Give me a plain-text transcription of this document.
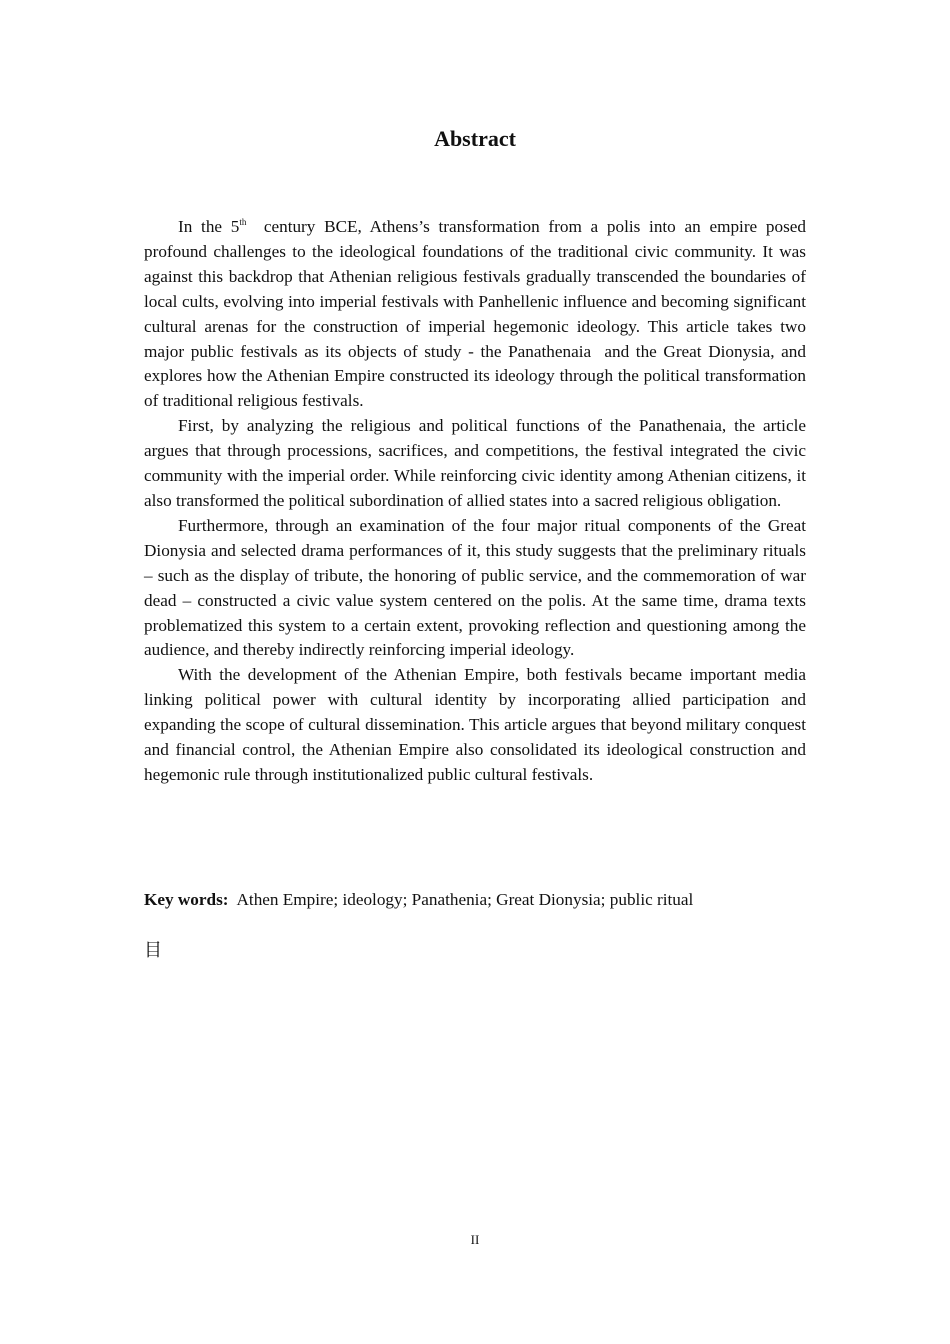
Abstract

In the 5th  century BCE, Athens’s transformation from a polis into an empire posed profound challenges to the ideological foundations of the traditional civic community. It was against this backdrop that Athenian religious festivals gradually transcended the boundaries of local cults, evolving into imperial festivals with Panhellenic influence and becoming significant cultural arenas for the construction of imperial hegemonic ideology. This article takes two major public festivals as its objects of study - the Panathenaia  and the Great Dionysia, and explores how the Athenian Empire constructed its ideology through the political transformation of traditional religious festivals.

First, by analyzing the religious and political functions of the Panathenaia, the article argues that through processions, sacrifices, and competitions, the festival integrated the civic community with the imperial order. While reinforcing civic identity among Athenian citizens, it also transformed the political subordination of allied states into a sacred religious obligation.

Furthermore, through an examination of the four major ritual components of the Great Dionysia and selected drama performances of it, this study suggests that the preliminary rituals – such as the display of tribute, the honoring of public service, and the commemoration of war dead – constructed a civic value system centered on the polis. At the same time, drama texts problematized this system to a certain extent, provoking reflection and questioning among the audience, and thereby indirectly reinforcing imperial ideology.

With the development of the Athenian Empire, both festivals became important media linking political power with cultural identity by incorporating allied participation and expanding the scope of cultural dissemination. This article argues that beyond military conquest and financial control, the Athenian Empire also consolidated its ideological construction and hegemonic rule through institutionalized public cultural festivals.

Key words: Athen Empire; ideology; Panathenia; Great Dionysia; public ritual
目
II
